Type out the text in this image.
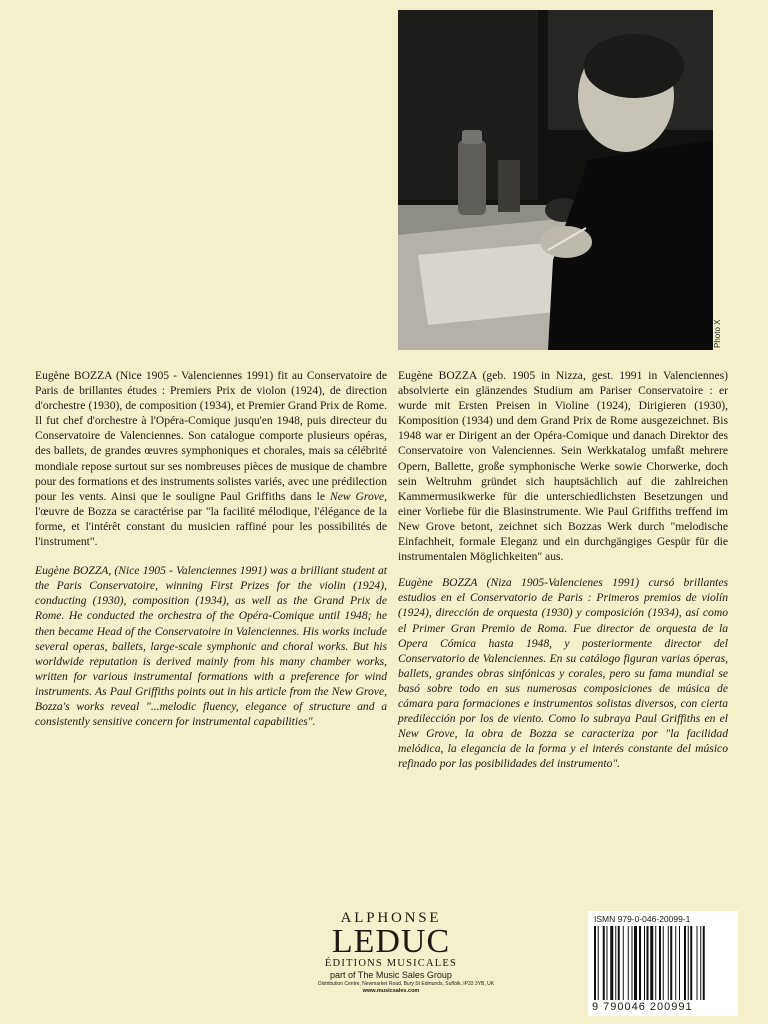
Photo X

Eugène BOZZA (Nice 1905 - Valenciennes 1991) fit au Conservatoire de Paris de brillantes études : Premiers Prix de violon (1924), de direction d'orchestre (1930), de composition (1934), et Premier Grand Prix de Rome. Il fut chef d'orchestre à l'Opéra-Comique jusqu'en 1948, puis directeur du Conservatoire de Valenciennes. Son catalogue comporte plusieurs opéras, des ballets, de grandes œuvres symphoniques et chorales, mais sa célébrité mondiale repose surtout sur ses nombreuses pièces de musique de chambre pour des formations et des instruments solistes variés, avec une prédilection pour les vents. Ainsi que le souligne Paul Griffiths dans le New Grove, l'œuvre de Bozza se caractérise par "la facilité mélodique, l'élégance de la forme, et l'intérêt constant du musicien raffiné pour les possibilités de l'instrument".

Eugène BOZZA, (Nice 1905 - Valenciennes 1991) was a brilliant student at the Paris Conservatoire, winning First Prizes for the violin (1924), conducting (1930), composition (1934), as well as the Grand Prix de Rome. He conducted the orchestra of the Opéra-Comique until 1948; he then became Head of the Conservatoire in Valenciennes. His works include several operas, ballets, large-scale symphonic and choral works. But his worldwide reputation is derived mainly from his many chamber works, written for various instrumental formations with a preference for wind instruments. As Paul Griffiths points out in his article from the New Grove, Bozza's works reveal "...melodic fluency, elegance of structure and a consistently sensitive concern for instrumental capabilities".

Eugène BOZZA (geb. 1905 in Nizza, gest. 1991 in Valenciennes) absolvierte ein glänzendes Studium am Pariser Conservatoire : er wurde mit Ersten Preisen in Violine (1924), Dirigieren (1930), Komposition (1934) und dem Grand Prix de Rome ausgezeichnet. Bis 1948 war er Dirigent an der Opéra-Comique und danach Direktor des Conservatoire von Valenciennes. Sein Werkkatalog umfaßt mehrere Opern, Ballette, große symphonische Werke sowie Chorwerke, doch sein Weltruhm gründet sich hauptsächlich auf die zahlreichen Kammermusikwerke für die unterschiedlichsten Besetzungen und einer Vorliebe für die Blasinstrumente. Wie Paul Griffiths treffend im New Grove betont, zeichnet sich Bozzas Werk durch "melodische Einfachheit, formale Eleganz und ein durchgängiges Gespür für die instrumentalen Möglichkeiten" aus.

Eugène BOZZA (Niza 1905-Valencienes 1991) cursó brillantes estudios en el Conservatorio de Paris : Primeros premios de violín (1924), dirección de orquesta (1930) y composición (1934), así como el Primer Gran Premio de Roma. Fue director de orquesta de la Opera Cómica hasta 1948, y posteriormente director del Conservatorio de Valenciennes. En su catálogo figuran varias óperas, ballets, grandes obras sinfónicas y corales, pero su fama mundial se basó sobre todo en sus numerosas composiciones de música de cámara para formaciones e instrumentos solistas diversos, con cierta predilección por los de viento. Como lo subraya Paul Griffiths en el New Grove, la obra de Bozza se caracteriza por "la facilidad melódica, la elegancia de la forma y el interés constante del músico refinado por las posibilidades del instrumento".

ALPHONSE
LEDUC
ÉDITIONS MUSICALES
part of The Music Sales Group
Distribution Centre, Newmarket Road, Bury St Edmunds, Suffolk, IP33 3YB, UK
www.musicsales.com
ISMN 979-0-046-20099-1
9 790046 200991
